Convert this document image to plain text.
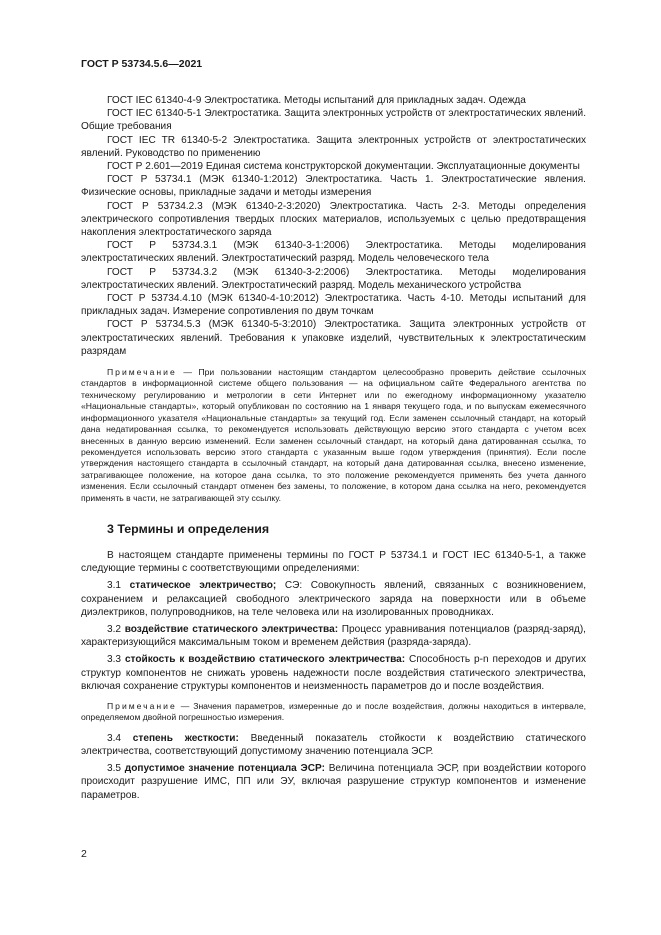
ГОСТ Р 53734.5.6—2021

ГОСТ IEC 61340-4-9 Электростатика. Методы испытаний для прикладных задач. Одежда

ГОСТ IEC 61340-5-1 Электростатика. Защита электронных устройств от электростатических явлений. Общие требования

ГОСТ IEC TR 61340-5-2 Электростатика. Защита электронных устройств от электростатических явлений. Руководство по применению

ГОСТ Р 2.601—2019 Единая система конструкторской документации. Эксплуатационные документы

ГОСТ Р 53734.1 (МЭК 61340-1:2012) Электростатика. Часть 1. Электростатические явления. Физические основы, прикладные задачи и методы измерения

ГОСТ Р 53734.2.3 (МЭК 61340-2-3:2020) Электростатика. Часть 2-3. Методы определения электрического сопротивления твердых плоских материалов, используемых с целью предотвращения накопления электростатического заряда

ГОСТ Р 53734.3.1 (МЭК 61340-3-1:2006) Электростатика. Методы моделирования электростатических явлений. Электростатический разряд. Модель человеческого тела

ГОСТ Р 53734.3.2 (МЭК 61340-3-2:2006) Электростатика. Методы моделирования электростатических явлений. Электростатический разряд. Модель механического устройства

ГОСТ Р 53734.4.10 (МЭК 61340-4-10:2012) Электростатика. Часть 4-10. Методы испытаний для прикладных задач. Измерение сопротивления по двум точкам

ГОСТ Р 53734.5.3 (МЭК 61340-5-3:2010) Электростатика. Защита электронных устройств от электростатических явлений. Требования к упаковке изделий, чувствительных к электростатическим разрядам

Примечание — При пользовании настоящим стандартом целесообразно проверить действие ссылочных стандартов в информационной системе общего пользования — на официальном сайте Федерального агентства по техническому регулированию и метрологии в сети Интернет или по ежегодному информационному указателю «Национальные стандарты», который опубликован по состоянию на 1 января текущего года, и по выпускам ежемесячного информационного указателя «Национальные стандарты» за текущий год. Если заменен ссылочный стандарт, на который дана недатированная ссылка, то рекомендуется использовать действующую версию этого стандарта с учетом всех внесенных в данную версию изменений. Если заменен ссылочный стандарт, на который дана датированная ссылка, то рекомендуется использовать версию этого стандарта с указанным выше годом утверждения (принятия). Если после утверждения настоящего стандарта в ссылочный стандарт, на который дана датированная ссылка, внесено изменение, затрагивающее положение, на которое дана ссылка, то это положение рекомендуется применять без учета данного изменения. Если ссылочный стандарт отменен без замены, то положение, в котором дана ссылка на него, рекомендуется применять в части, не затрагивающей эту ссылку.

3 Термины и определения

В настоящем стандарте применены термины по ГОСТ Р 53734.1 и ГОСТ IEC 61340-5-1, а также следующие термины с соответствующими определениями:

3.1 статическое электричество; СЭ: Совокупность явлений, связанных с возникновением, сохранением и релаксацией свободного электрического заряда на поверхности или в объеме диэлектриков, полупроводников, на теле человека или на изолированных проводниках.

3.2 воздействие статического электричества: Процесс уравнивания потенциалов (разряд-заряд), характеризующийся максимальным током и временем действия (разряда-заряда).

3.3 стойкость к воздействию статического электричества: Способность p-n переходов и других структур компонентов не снижать уровень надежности после воздействия статического электричества, включая сохранение структуры компонентов и неизменность параметров до и после воздействия.

Примечание — Значения параметров, измеренные до и после воздействия, должны находиться в интервале, определяемом двойной погрешностью измерения.

3.4 степень жесткости: Введенный показатель стойкости к воздействию статического электричества, соответствующий допустимому значению потенциала ЭСР.

3.5 допустимое значение потенциала ЭСР: Величина потенциала ЭСР, при воздействии которого происходит разрушение ИМС, ПП или ЭУ, включая разрушение структур компонентов и изменение параметров.

2
